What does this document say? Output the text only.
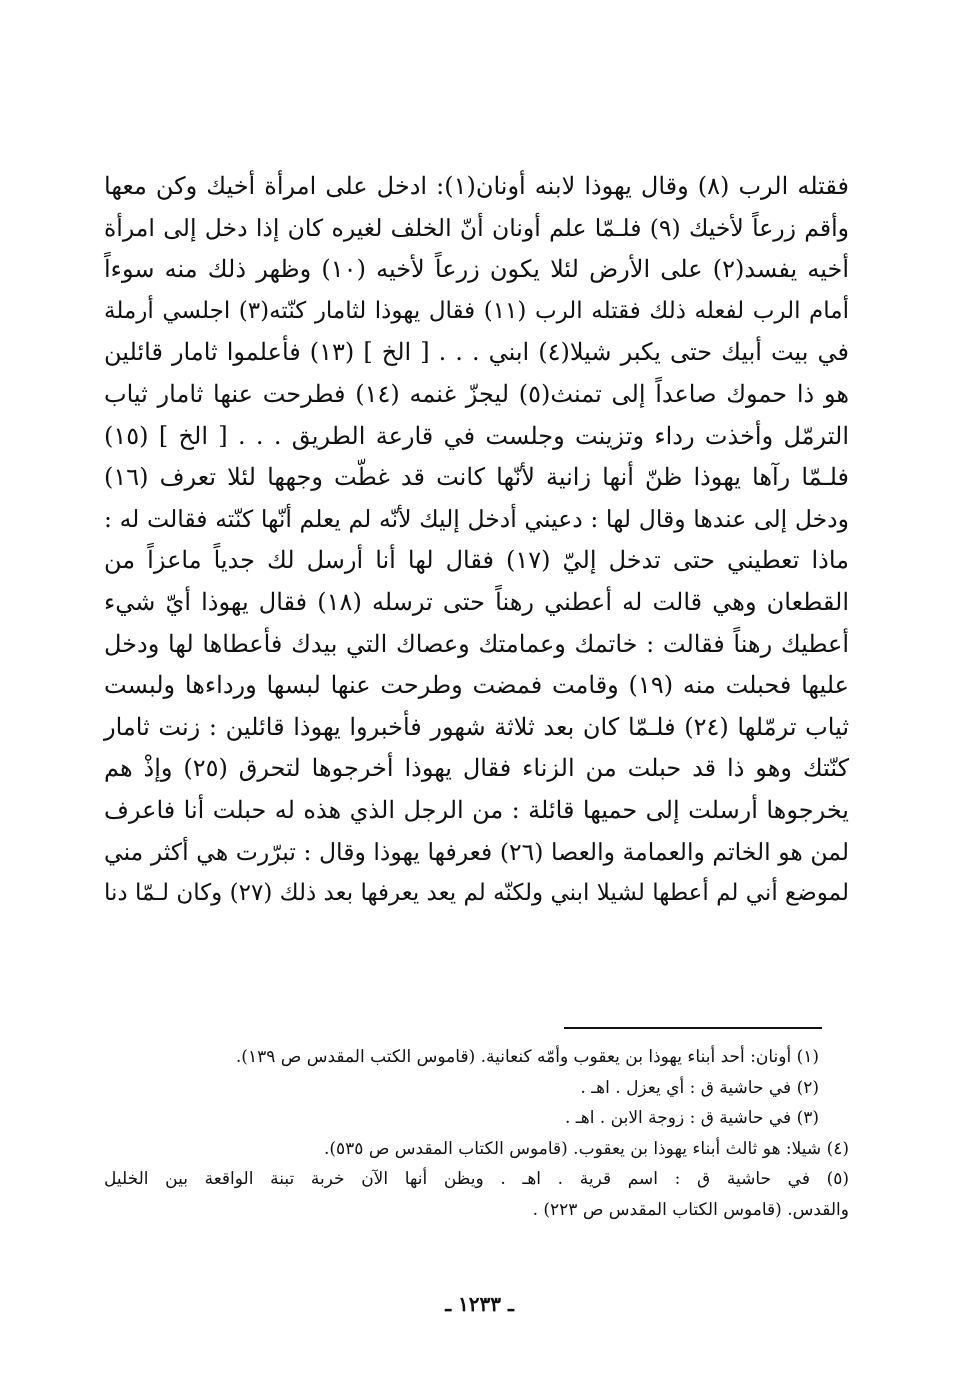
فقتله الرب (٨) وقال يهوذا لابنه أونان(١): ادخل على امرأة أخيك وكن معها
وأقم زرعاً لأخيك (٩) فلـمّا علم أونان أنّ الخلف لغيره كان إذا دخل إلى امرأة
أخيه يفسد(٢) على الأرض لئلا يكون زرعاً لأخيه (١٠) وظهر ذلك منه سوءاً
أمام الرب لفعله ذلك فقتله الرب (١١) فقال يهوذا لثامار كنّته(٣) اجلسي أرملة
في بيت أبيك حتى يكبر شيلا(٤) ابني . . . [ الخ ] (١٣) فأعلموا ثامار قائلين
هو ذا حموك صاعداً إلى تمنث(٥) ليجزّ غنمه (١٤) فطرحت عنها ثامار ثياب
الترمّل وأخذت رداء وتزينت وجلست في قارعة الطريق . . . [ الخ ] (١٥)
فلـمّا رآها يهوذا ظنّ أنها زانية لأنّها كانت قد غطّت وجهها لئلا تعرف (١٦)
ودخل إلى عندها وقال لها : دعيني أدخل إليك لأنّه لم يعلم أنّها كنّته فقالت له :
ماذا تعطيني حتى تدخل إليّ (١٧) فقال لها أنا أرسل لك جدياً ماعزاً من
القطعان وهي قالت له أعطني رهناً حتى ترسله (١٨) فقال يهوذا أيّ شيء
أعطيك رهناً فقالت : خاتمك وعمامتك وعصاك التي بيدك فأعطاها لها ودخل
عليها فحبلت منه (١٩) وقامت فمضت وطرحت عنها لبسها ورداءها ولبست
ثياب ترمّلها (٢٤) فلـمّا كان بعد ثلاثة شهور فأخبروا يهوذا قائلين : زنت ثامار
كنّتك وهو ذا قد حبلت من الزناء فقال يهوذا أخرجوها لتحرق (٢٥) وإذْ هم
يخرجوها أرسلت إلى حميها قائلة : من الرجل الذي هذه له حبلت أنا فاعرف
لمن هو الخاتم والعمامة والعصا (٢٦) فعرفها يهوذا وقال : تبرّرت هي أكثر مني
لموضع أني لم أعطها لشيلا ابني ولكنّه لم يعد يعرفها بعد ذلك (٢٧) وكان لـمّا دنا
(١) أونان: أحد أبناء يهوذا بن يعقوب وأمّه كنعانية. (قاموس الكتب المقدس ص ١٣٩).
(٢) في حاشية ق : أي يعزل . اهـ .
(٣) في حاشية ق : زوجة الابن . اهـ .
(٤) شيلا: هو ثالث أبناء يهوذا بن يعقوب. (قاموس الكتاب المقدس ص ٥٣٥).
(٥) في حاشية ق : اسم قرية . اهـ . ويظن أنها الآن خربة تبنة الواقعة بين الخليل
والقدس. (قاموس الكتاب المقدس ص ٢٢٣) .
ـ ١٢٣٣ ـ
